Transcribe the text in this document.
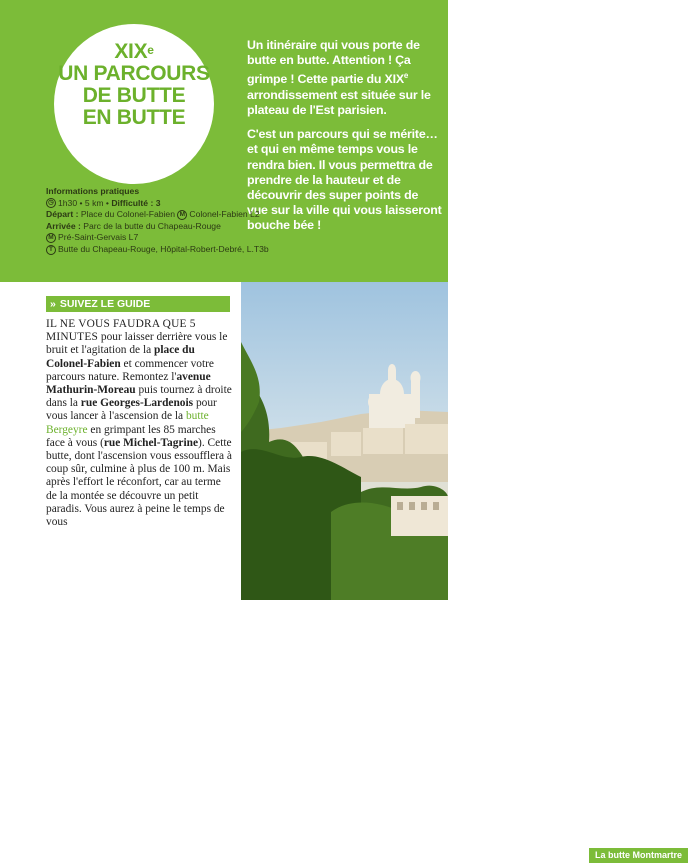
XIXe
UN PARCOURS
DE BUTTE
EN BUTTE

Un itinéraire qui vous porte de butte en butte. Attention ! Ça grimpe ! Cette partie du XIXe arrondissement est située sur le plateau de l'Est parisien.

C'est un parcours qui se mérite… et qui en même temps vous le rendra bien. Il vous permettra de prendre de la hauteur et de découvrir des super points de vue sur la ville qui vous laisseront bouche bée !

Informations pratiques
◷ 1h30 • 5 km • Difficulté : 3
Départ : Place du Colonel-Fabien M Colonel-Fabien L2
Arrivée : Parc de la butte du Chapeau-Rouge
M Pré-Saint-Gervais L7
T Butte du Chapeau-Rouge, Hôpital-Robert-Debré, L.T3b
» SUIVEZ LE GUIDE
IL NE VOUS FAUDRA QUE 5 MINUTES pour laisser derrière vous le bruit et l'agitation de la place du Colonel-Fabien et commencer votre parcours nature. Remontez l'avenue Mathurin-Moreau puis tournez à droite dans la rue Georges-Lardenois pour vous lancer à l'ascension de la butte Bergeyre en grimpant les 85 marches face à vous (rue Michel-Tagrine). Cette butte, dont l'ascension vous essoufflera à coup sûr, culmine à plus de 100 m. Mais après l'effort le réconfort, car au terme de la montée se découvre un petit paradis. Vous aurez à peine le temps de vous
La butte Montmartre
